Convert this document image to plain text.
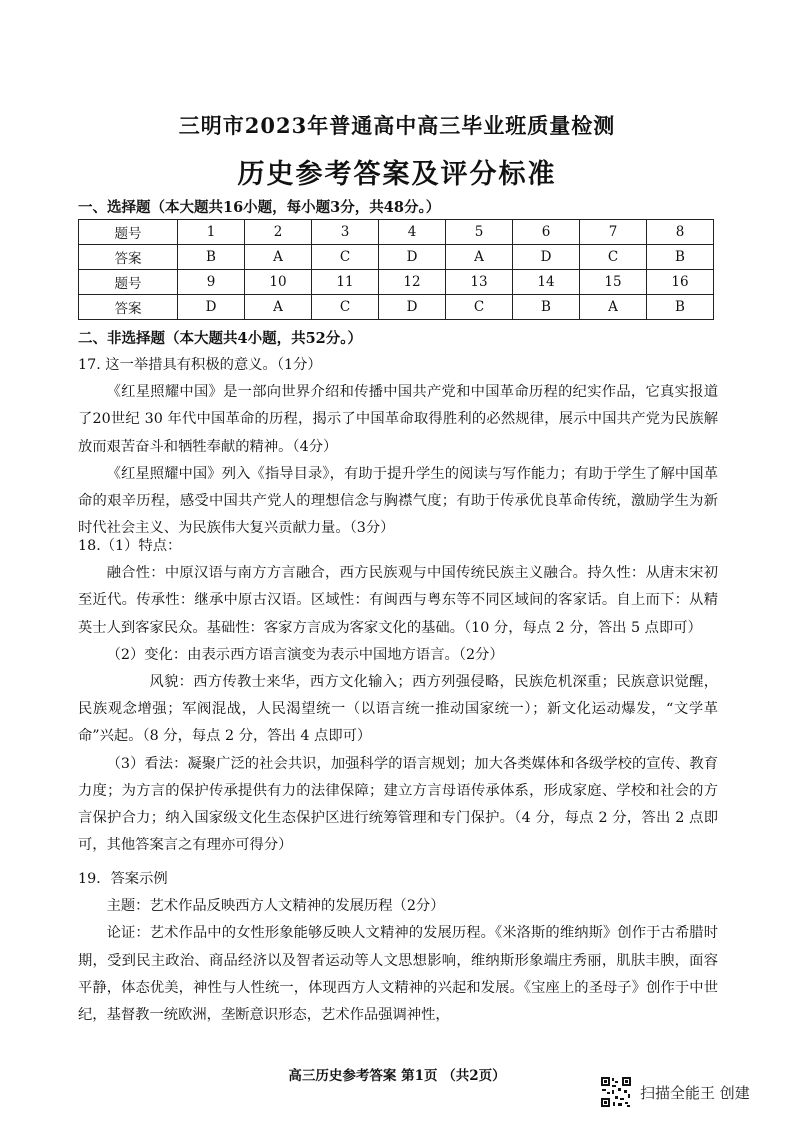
三明市2023年普通高中高三毕业班质量检测
历史参考答案及评分标准
一、选择题（本大题共16小题，每小题3分，共48分。）
题号	1	2	3	4	5	6	7	8
答案	B	A	C	D	A	D	C	B
题号	9	10	11	12	13	14	15	16
答案	D	A	C	D	C	B	A	B
二、非选择题（本大题共4小题，共52分。）

17. 这一举措具有积极的意义。（1分）

《红星照耀中国》是一部向世界介绍和传播中国共产党和中国革命历程的纪实作品，它真实报道了20世纪 30 年代中国革命的历程，揭示了中国革命取得胜利的必然规律，展示中国共产党为民族解放而艰苦奋斗和牺牲奉献的精神。（4分）

《红星照耀中国》列入《指导目录》，有助于提升学生的阅读与写作能力；有助于学生了解中国革命的艰辛历程，感受中国共产党人的理想信念与胸襟气度；有助于传承优良革命传统，激励学生为新时代社会主义、为民族伟大复兴贡献力量。（3分）

18.（1）特点：

融合性：中原汉语与南方方言融合，西方民族观与中国传统民族主义融合。持久性：从唐末宋初至近代。传承性：继承中原古汉语。区域性：有闽西与粤东等不同区域间的客家话。自上而下：从精英士人到客家民众。基础性：客家方言成为客家文化的基础。（10 分，每点 2 分，答出 5 点即可）

（2）变化：由表示西方语言演变为表示中国地方语言。（2分）

风貌：西方传教士来华，西方文化输入；西方列强侵略，民族危机深重；民族意识觉醒，民族观念增强；军阀混战，人民渴望统一（以语言统一推动国家统一）；新文化运动爆发，“文学革命”兴起。（8 分，每点 2 分，答出 4 点即可）

（3）看法：凝聚广泛的社会共识，加强科学的语言规划；加大各类媒体和各级学校的宣传、教育力度；为方言的保护传承提供有力的法律保障；建立方言母语传承体系，形成家庭、学校和社会的方言保护合力；纳入国家级文化生态保护区进行统筹管理和专门保护。（4 分，每点 2 分，答出 2 点即可，其他答案言之有理亦可得分）

19．答案示例

主题：艺术作品反映西方人文精神的发展历程（2分）

论证：艺术作品中的女性形象能够反映人文精神的发展历程。《米洛斯的维纳斯》创作于古希腊时期，受到民主政治、商品经济以及智者运动等人文思想影响，维纳斯形象端庄秀丽，肌肤丰腴，面容平静，体态优美，神性与人性统一，体现西方人文精神的兴起和发展。《宝座上的圣母子》创作于中世纪，基督教一统欧洲，垄断意识形态，艺术作品强调神性，

高三历史参考答案 第1页 （共2页）
扫描全能王 创建
